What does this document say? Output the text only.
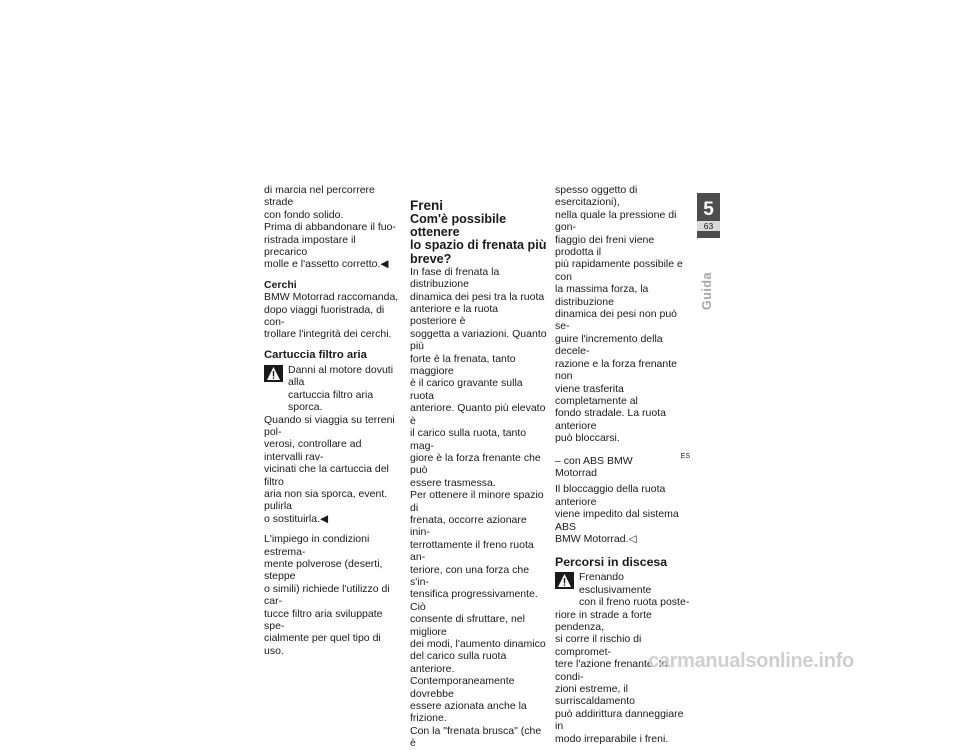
di marcia nel percorrere strade
con fondo solido.
Prima di abbandonare il fuo-
ristrada impostare il precarico
molle e l'assetto corretto.◀

Cerchi

BMW Motorrad raccomanda,
dopo viaggi fuoristrada, di con-
trollare l'integrità dei cerchi.

Cartuccia filtro aria

Danni al motore dovuti alla
cartuccia filtro aria sporca.

Quando si viaggia su terreni pol-
verosi, controllare ad intervalli rav-
vicinati che la cartuccia del filtro
aria non sia sporca, event. pulirla
o sostituirla.◀

L'impiego in condizioni estrema-
mente polverose (deserti, steppe
o simili) richiede l'utilizzo di car-
tucce filtro aria sviluppate spe-
cialmente per quel tipo di uso.

Freni

Com'è possibile ottenere
lo spazio di frenata più
breve?

In fase di frenata la distribuzione
dinamica dei pesi tra la ruota
anteriore e la ruota posteriore è
soggetta a variazioni. Quanto più
forte è la frenata, tanto maggiore
è il carico gravante sulla ruota
anteriore. Quanto più elevato è
il carico sulla ruota, tanto mag-
giore è la forza frenante che può
essere trasmessa.

Per ottenere il minore spazio di
frenata, occorre azionare inin-
terrottamente il freno ruota an-
teriore, con una forza che s'in-
tensifica progressivamente. Ciò
consente di sfruttare, nel migliore
dei modi, l'aumento dinamico
del carico sulla ruota anteriore.
Contemporaneamente dovrebbe
essere azionata anche la frizione.
Con la "frenata brusca" (che è

spesso oggetto di esercitazioni),
nella quale la pressione di gon-
fiaggio dei freni viene prodotta il
più rapidamente possibile e con
la massima forza, la distribuzione
dinamica dei pesi non può se-
guire l'incremento della decele-
razione e la forza frenante non
viene trasferita completamente al
fondo stradale. La ruota anteriore
può bloccarsi.

– con ABS BMW Motorrad
$^{ES}$

Il bloccaggio della ruota anteriore
viene impedito dal sistema ABS
BMW Motorrad.◁

Percorsi in discesa

Frenando esclusivamente
con il freno ruota poste-

riore in strade a forte pendenza,
si corre il rischio di compromet-
tere l'azione frenante. In condi-
zioni estreme, il surriscaldamento
può addirittura danneggiare in
modo irreparabile i freni.

5
63
Guida
carmanualsonline.info
